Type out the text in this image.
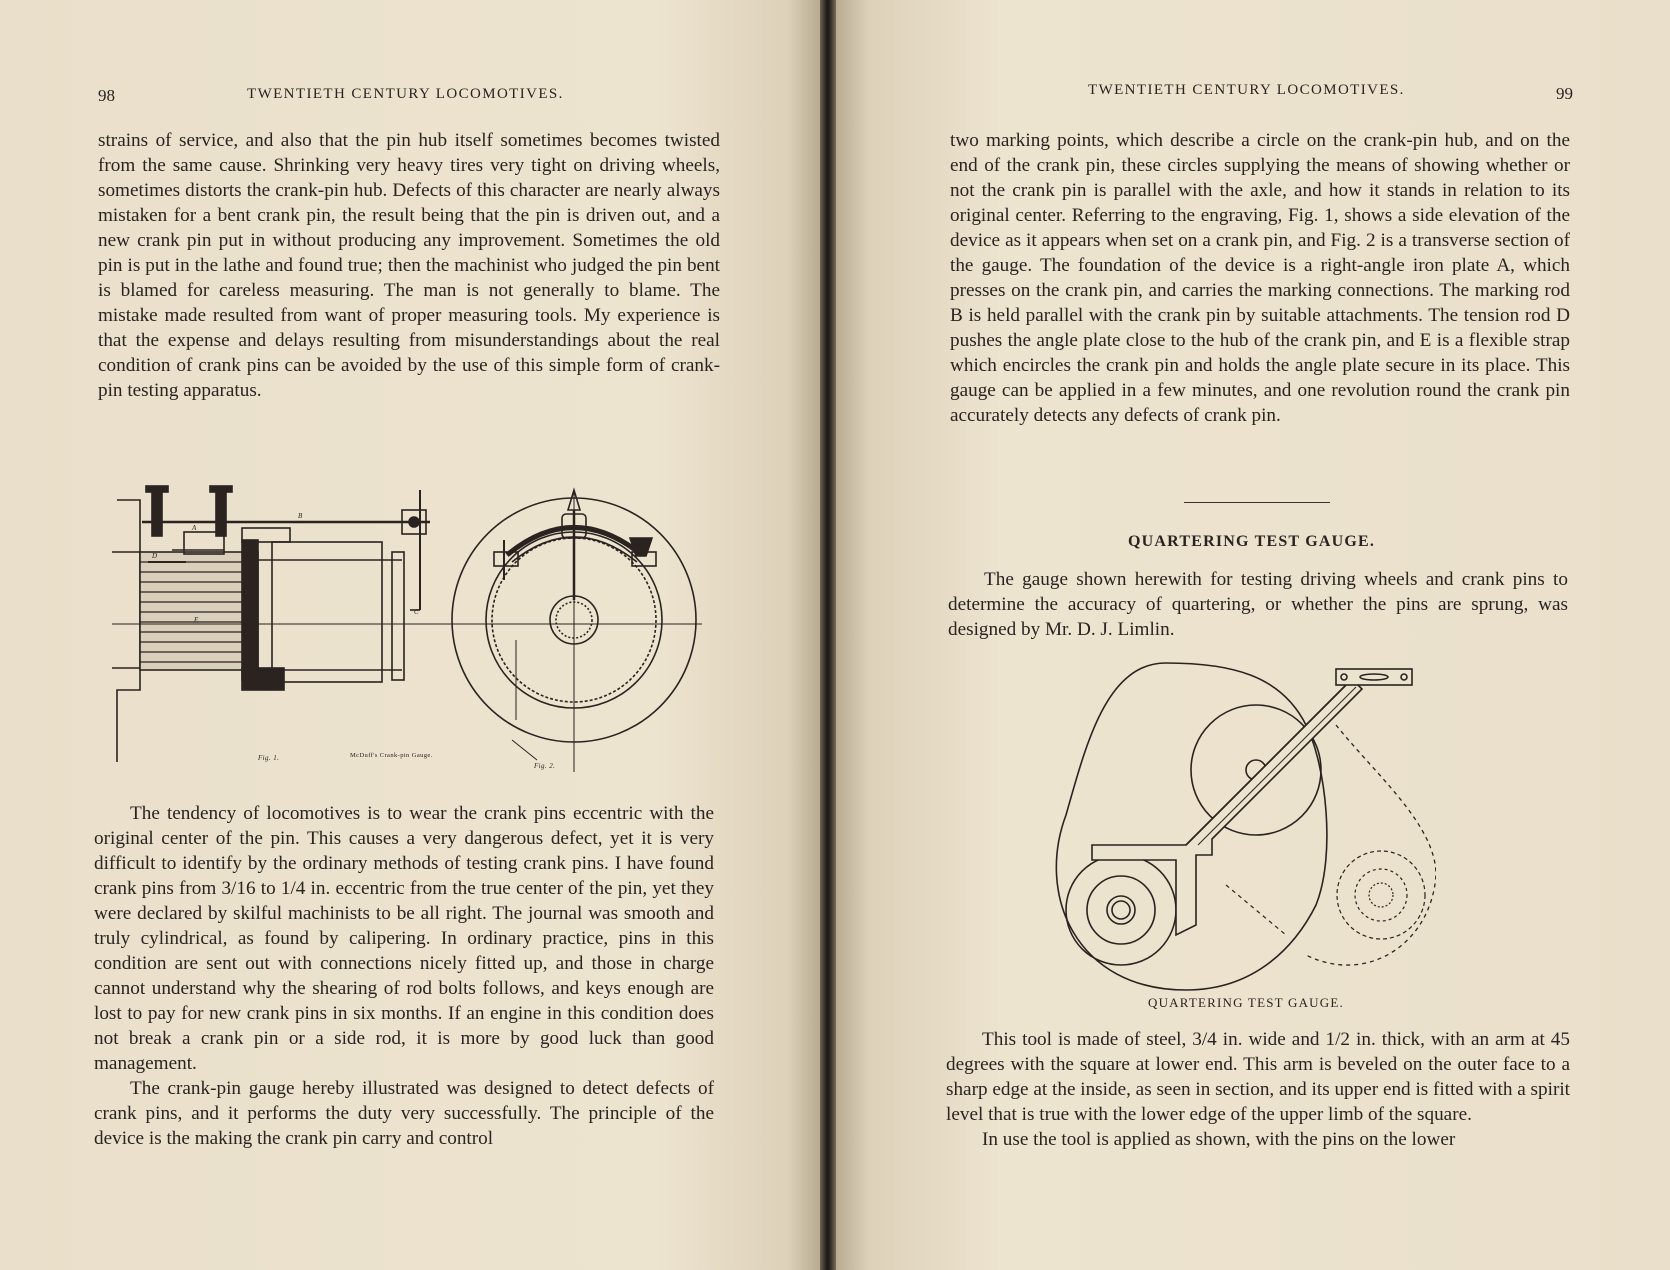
98	TWENTIETH CENTURY LOCOMOTIVES.

strains of service, and also that the pin hub itself sometimes becomes twisted from the same cause. Shrinking very heavy tires very tight on driving wheels, sometimes distorts the crank-pin hub. Defects of this character are nearly always mistaken for a bent crank pin, the result being that the pin is driven out, and a new crank pin put in without producing any improvement. Sometimes the old pin is put in the lathe and found true; then the machinist who judged the pin bent is blamed for careless measuring. The man is not generally to blame. The mistake made resulted from want of proper measuring tools. My experience is that the expense and delays resulting from misunderstandings about the real condition of crank pins can be avoided by the use of this simple form of crank-pin testing apparatus.

A
B
C
D
E
Fig. 1.	McDuff's Crank-pin Gauge.
Fig. 2.

The tendency of locomotives is to wear the crank pins eccentric with the original center of the pin. This causes a very dangerous defect, yet it is very difficult to identify by the ordinary methods of testing crank pins. I have found crank pins from 3/16 to 1/4 in. eccentric from the true center of the pin, yet they were declared by skilful machinists to be all right. The journal was smooth and truly cylindrical, as found by calipering. In ordinary practice, pins in this condition are sent out with connections nicely fitted up, and those in charge cannot understand why the shearing of rod bolts follows, and keys enough are lost to pay for new crank pins in six months. If an engine in this condition does not break a crank pin or a side rod, it is more by good luck than good management.

The crank-pin gauge hereby illustrated was designed to detect defects of crank pins, and it performs the duty very successfully. The principle of the device is the making the crank pin carry and control

TWENTIETH CENTURY LOCOMOTIVES.	99

two marking points, which describe a circle on the crank-pin hub, and on the end of the crank pin, these circles supplying the means of showing whether or not the crank pin is parallel with the axle, and how it stands in relation to its original center. Referring to the engraving, Fig. 1, shows a side elevation of the device as it appears when set on a crank pin, and Fig. 2 is a transverse section of the gauge. The foundation of the device is a right-angle iron plate A, which presses on the crank pin, and carries the marking connections. The marking rod B is held parallel with the crank pin by suitable attachments. The tension rod D pushes the angle plate close to the hub of the crank pin, and E is a flexible strap which encircles the crank pin and holds the angle plate secure in its place. This gauge can be applied in a few minutes, and one revolution round the crank pin accurately detects any defects of crank pin.

QUARTERING TEST GAUGE.

The gauge shown herewith for testing driving wheels and crank pins to determine the accuracy of quartering, or whether the pins are sprung, was designed by Mr. D. J. Limlin.

QUARTERING TEST GAUGE.

This tool is made of steel, 3/4 in. wide and 1/2 in. thick, with an arm at 45 degrees with the square at lower end. This arm is beveled on the outer face to a sharp edge at the inside, as seen in section, and its upper end is fitted with a spirit level that is true with the lower edge of the upper limb of the square.

In use the tool is applied as shown, with the pins on the lower
